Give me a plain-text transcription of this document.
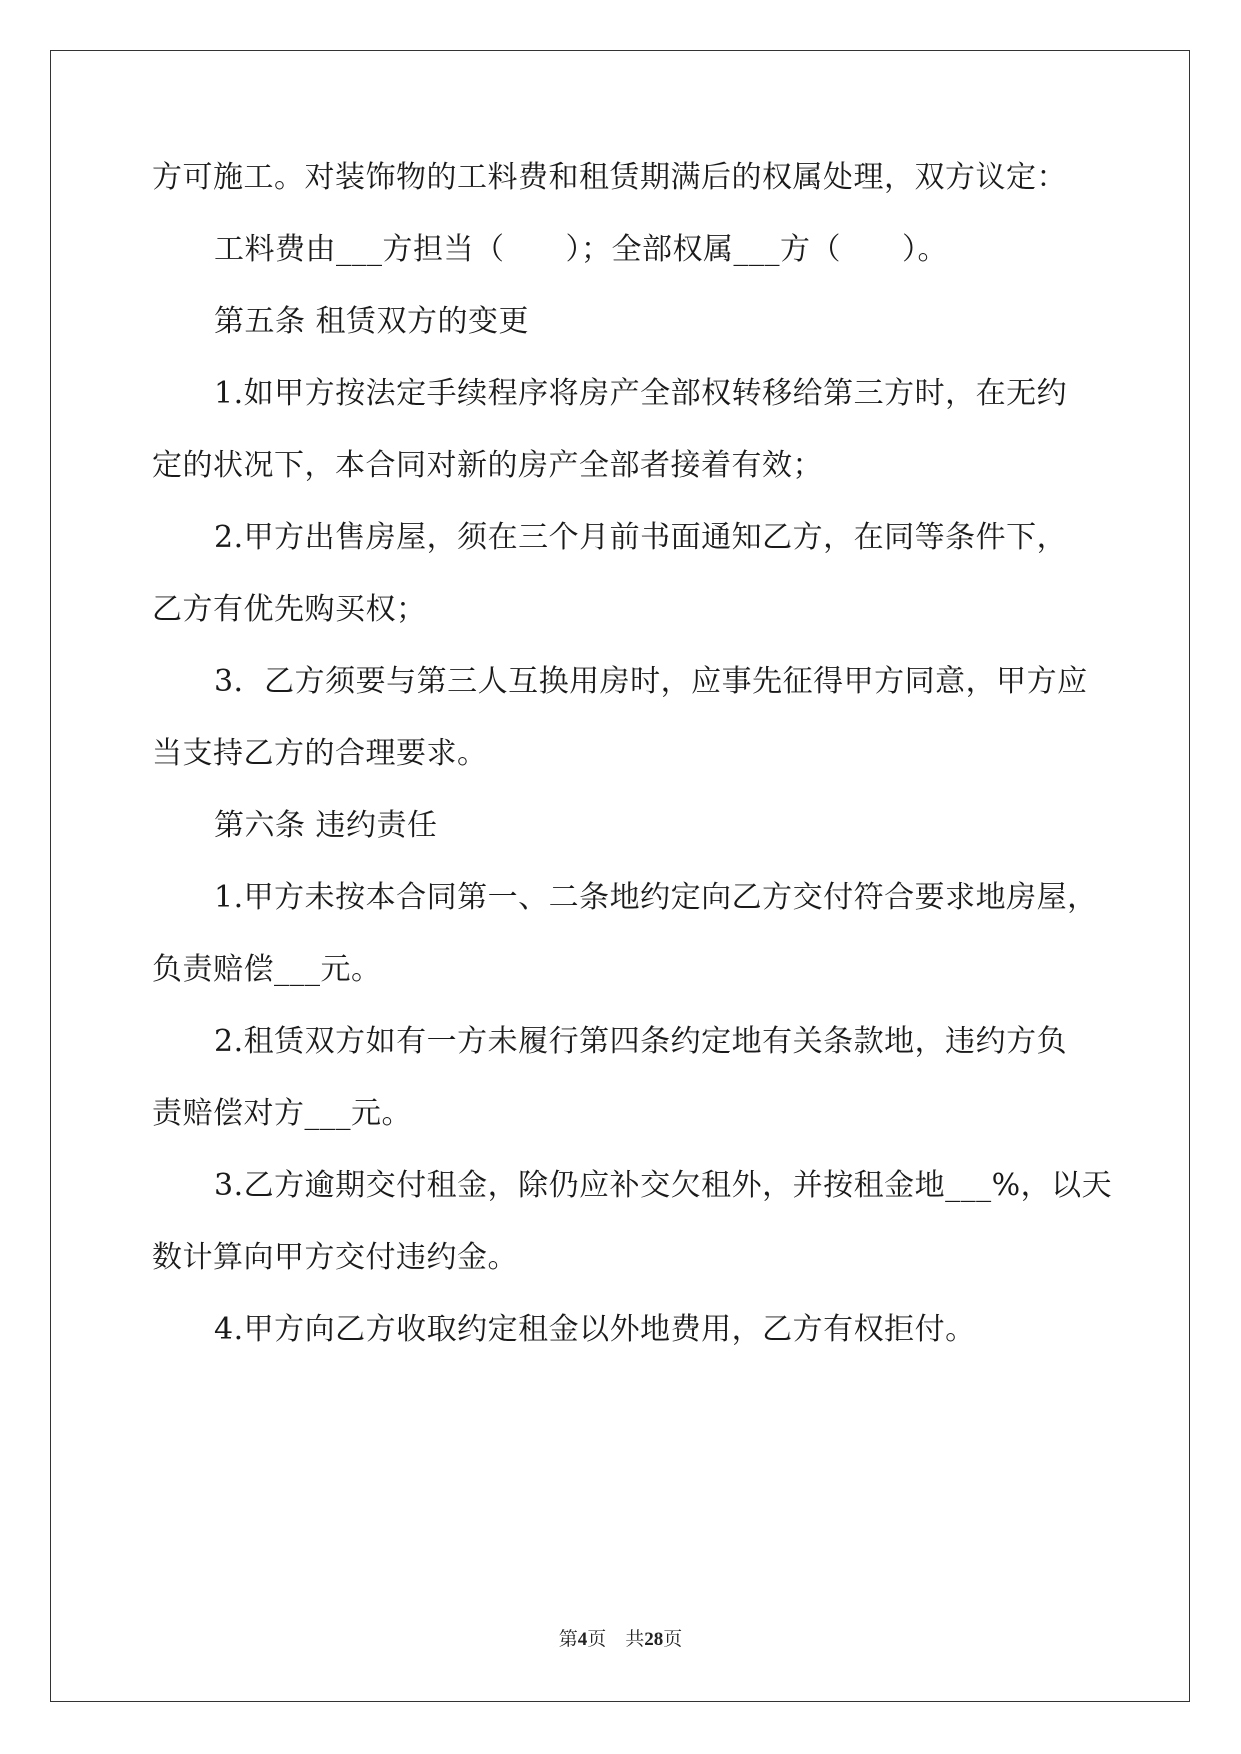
方可施工。对装饰物的工料费和租赁期满后的权属处理，双方议定：
工料费由___方担当（　　）；全部权属___方（　　）。
第五条 租赁双方的变更
1.如甲方按法定手续程序将房产全部权转移给第三方时，在无约
定的状况下，本合同对新的房产全部者接着有效；
2.甲方出售房屋，须在三个月前书面通知乙方，在同等条件下，
乙方有优先购买权；
3．乙方须要与第三人互换用房时，应事先征得甲方同意，甲方应
当支持乙方的合理要求。
第六条 违约责任
1.甲方未按本合同第一、二条地约定向乙方交付符合要求地房屋，
负责赔偿___元。
2.租赁双方如有一方未履行第四条约定地有关条款地，违约方负
责赔偿对方___元。
3.乙方逾期交付租金，除仍应补交欠租外，并按租金地___%，以天
数计算向甲方交付违约金。
4.甲方向乙方收取约定租金以外地费用，乙方有权拒付。
第4页 共28页
